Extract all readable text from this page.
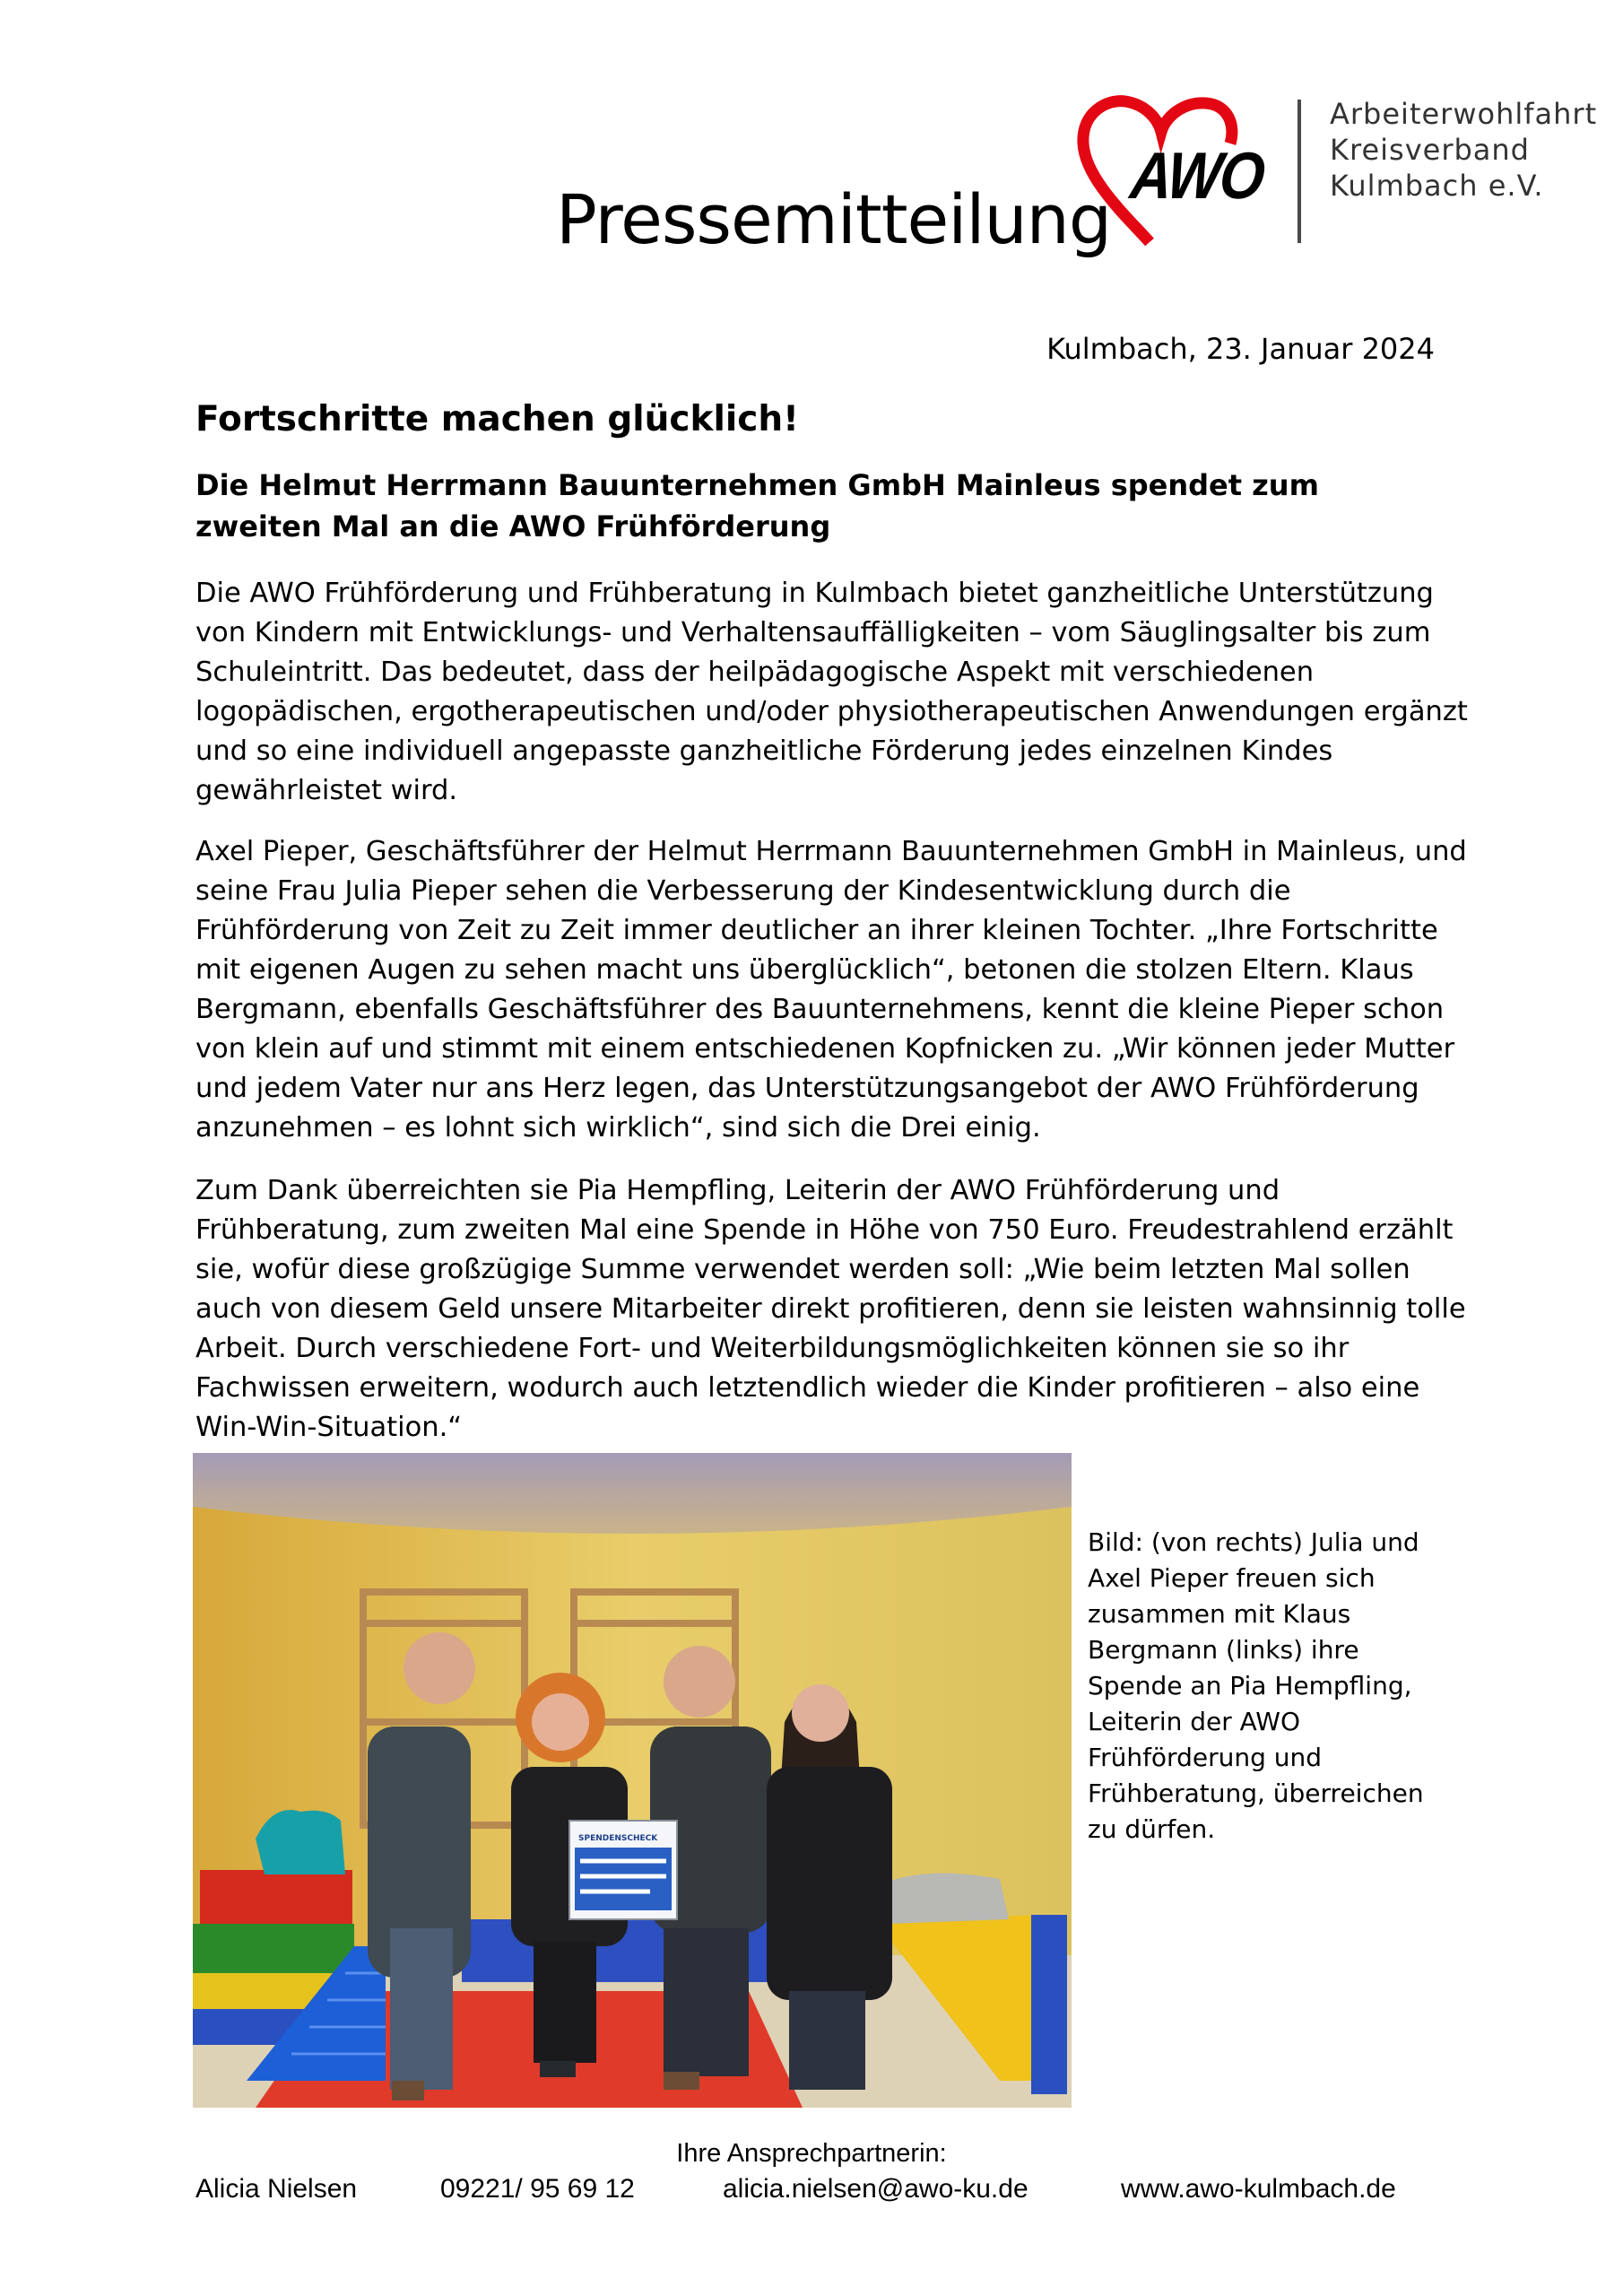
Pressemitteilung
AWO
Arbeiterwohlfahrt
Kreisverband
Kulmbach e.V.
Kulmbach, 23. Januar 2024
Fortschritte machen glücklich!
Die Helmut Herrmann Bauunternehmen GmbH Mainleus spendet zum zweiten Mal an die AWO Frühförderung
Die AWO Frühförderung und Frühberatung in Kulmbach bietet ganzheitliche Unterstützung
von Kindern mit Entwicklungs- und Verhaltensauffälligkeiten – vom Säuglingsalter bis zum
Schuleintritt. Das bedeutet, dass der heilpädagogische Aspekt mit verschiedenen
logopädischen, ergotherapeutischen und/oder physiotherapeutischen Anwendungen ergänzt
und so eine individuell angepasste ganzheitliche Förderung jedes einzelnen Kindes
gewährleistet wird.
Axel Pieper, Geschäftsführer der Helmut Herrmann Bauunternehmen GmbH in Mainleus, und
seine Frau Julia Pieper sehen die Verbesserung der Kindesentwicklung durch die
Frühförderung von Zeit zu Zeit immer deutlicher an ihrer kleinen Tochter. „Ihre Fortschritte
mit eigenen Augen zu sehen macht uns überglücklich“, betonen die stolzen Eltern. Klaus
Bergmann, ebenfalls Geschäftsführer des Bauunternehmens, kennt die kleine Pieper schon
von klein auf und stimmt mit einem entschiedenen Kopfnicken zu. „Wir können jeder Mutter
und jedem Vater nur ans Herz legen, das Unterstützungsangebot der AWO Frühförderung
anzunehmen – es lohnt sich wirklich“, sind sich die Drei einig.
Zum Dank überreichten sie Pia Hempfling, Leiterin der AWO Frühförderung und
Frühberatung, zum zweiten Mal eine Spende in Höhe von 750 Euro. Freudestrahlend erzählt
sie, wofür diese großzügige Summe verwendet werden soll: „Wie beim letzten Mal sollen
auch von diesem Geld unsere Mitarbeiter direkt profitieren, denn sie leisten wahnsinnig tolle
Arbeit. Durch verschiedene Fort- und Weiterbildungsmöglichkeiten können sie so ihr
Fachwissen erweitern, wodurch auch letztendlich wieder die Kinder profitieren – also eine
Win-Win-Situation.“
SPENDENSCHECK
Bild: (von rechts) Julia und
Axel Pieper freuen sich
zusammen mit Klaus
Bergmann (links) ihre
Spende an Pia Hempfling,
Leiterin der AWO
Frühförderung und
Frühberatung, überreichen
zu dürfen.
Ihre Ansprechpartnerin:
Alicia Nielsen	09221/ 95 69 12	alicia.nielsen@awo-ku.de	www.awo-kulmbach.de
